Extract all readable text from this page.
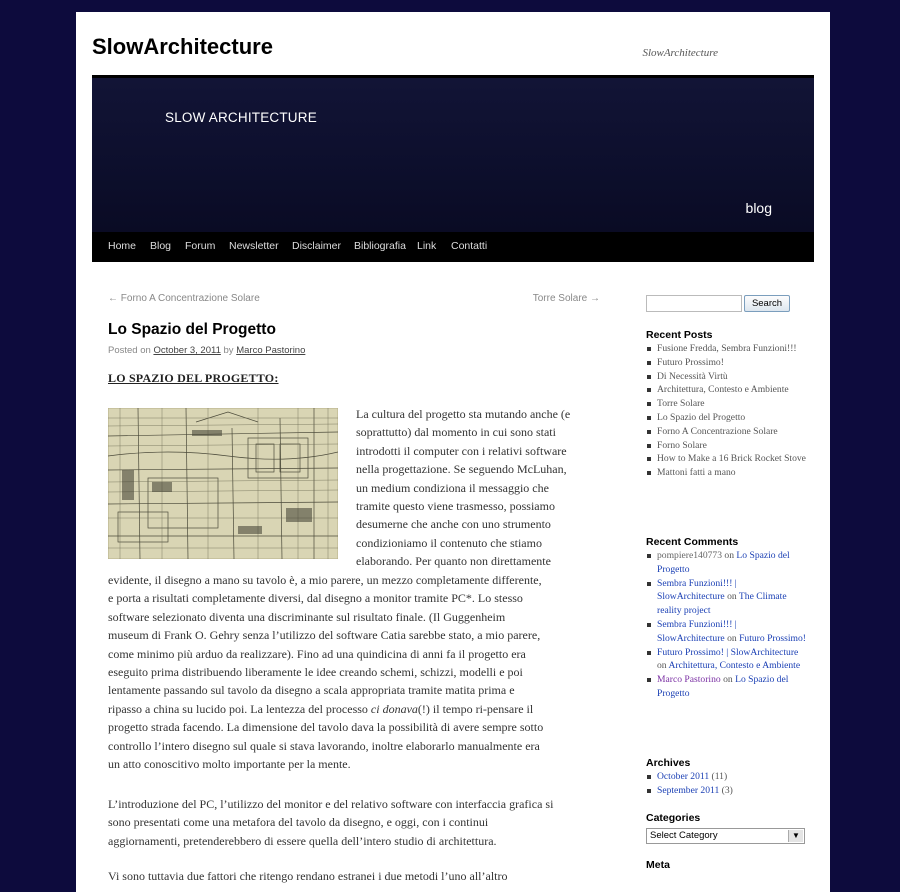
SlowArchitecture	SlowArchitecture
SLOW ARCHITECTURE
blog
Home Blog Forum Newsletter Disclaimer Bibliografia Link Contatti
← Forno A Concentrazione Solare	Torre Solare →
Lo Spazio del Progetto
Posted on October 3, 2011 by Marco Pastorino
LO SPAZIO DEL PROGETTO:
La cultura del progetto sta mutando anche (e
soprattutto) dal momento in cui sono stati
introdotti il computer con i relativi software
nella progettazione. Se seguendo McLuhan,
un medium condiziona il messaggio che
tramite questo viene trasmesso, possiamo
desumerne che anche con uno strumento
condizioniamo il contenuto che stiamo
elaborando. Per quanto non direttamente
evidente, il disegno a mano su tavolo è, a mio parere, un mezzo completamente differente,
e porta a risultati completamente diversi, dal disegno a monitor tramite PC*. Lo stesso
software selezionato diventa una discriminante sul risultato finale. (Il Guggenheim
museum di Frank O. Gehry senza l’utilizzo del software Catia sarebbe stato, a mio parere,
come minimo più arduo da realizzare). Fino ad una quindicina di anni fa il progetto era
eseguito prima distribuendo liberamente le idee creando schemi, schizzi, modelli e poi
lentamente passando sul tavolo da disegno a scala appropriata tramite matita prima e
ripasso a china su lucido poi. La lentezza del processo ci donava(!) il tempo ri-pensare il
progetto strada facendo. La dimensione del tavolo dava la possibilità di avere sempre sotto
controllo l’intero disegno sul quale si stava lavorando, inoltre elaborarlo manualmente era
un atto conoscitivo molto importante per la mente.
L’introduzione del PC, l’utilizzo del monitor e del relativo software con interfaccia grafica si
sono presentati come una metafora del tavolo da disegno, e oggi, con i continui
aggiornamenti, pretenderebbero di essere quella dell’intero studio di architettura.
Vi sono tuttavia due fattori che ritengo rendano estranei i due metodi l’uno all’altro
Search
Recent Posts
Fusione Fredda, Sembra Funzioni!!!
Futuro Prossimo!
Di Necessità Virtù
Architettura, Contesto e Ambiente
Torre Solare
Lo Spazio del Progetto
Forno A Concentrazione Solare
Forno Solare
How to Make a 16 Brick Rocket Stove
Mattoni fatti a mano
Recent Comments
pompiere140773 on Lo Spazio del Progetto
Sembra Funzioni!!! | SlowArchitecture on The Climate reality project
Sembra Funzioni!!! | SlowArchitecture on Futuro Prossimo!
Futuro Prossimo! | SlowArchitecture on Architettura, Contesto e Ambiente
Marco Pastorino on Lo Spazio del Progetto
Archives
October 2011 (11)
September 2011 (3)
Categories
Select Category	▼
Meta
